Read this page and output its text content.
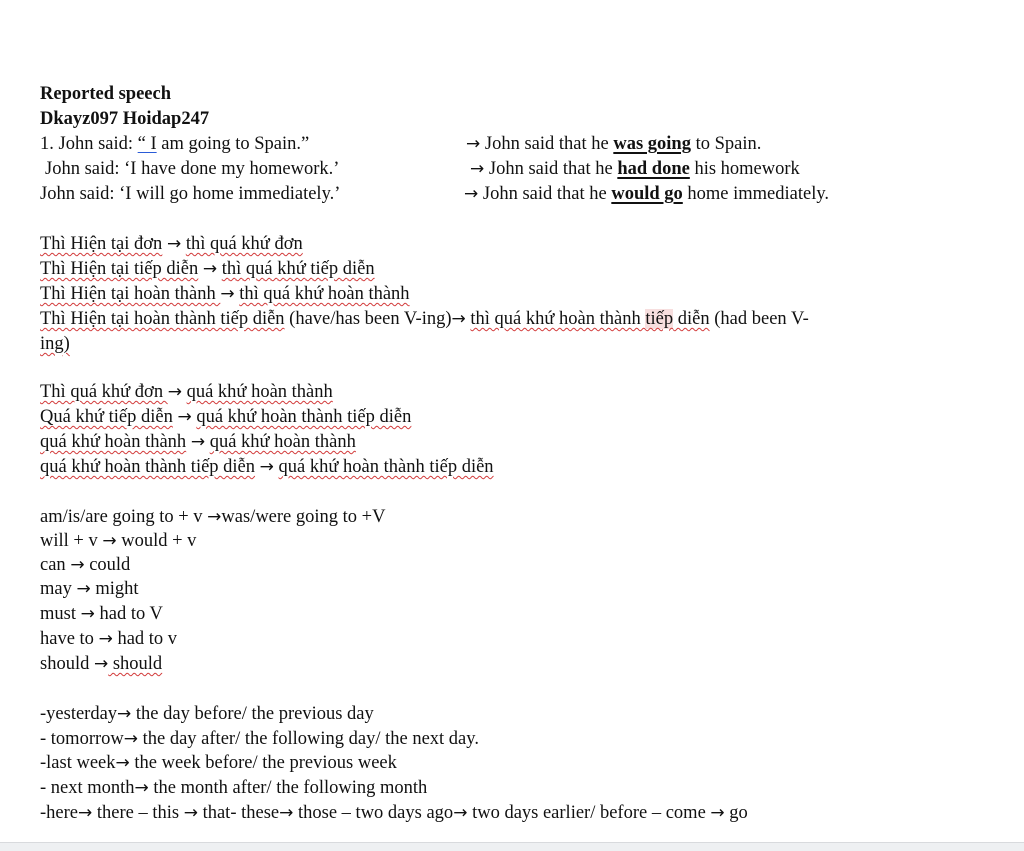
Reported speech
Dkayz097 Hoidap247
1. John said: “ I am going to Spain.”	→ John said that he was going to Spain.
John said: ‘I have done my homework.’	→ John said that he had done his homework
John said: ‘I will go home immediately.’	→ John said that he would go home immediately.
Thì Hiện tại đơn → thì quá khứ đơn
Thì Hiện tại tiếp diễn → thì quá khứ tiếp diễn
Thì Hiện tại hoàn thành → thì quá khứ hoàn thành
Thì Hiện tại hoàn thành tiếp diễn (have/has been V-ing)→ thì quá khứ hoàn thành tiếp diễn (had been V-
ing)
Thì quá khứ đơn → quá khứ hoàn thành
Quá khứ tiếp diễn → quá khứ hoàn thành tiếp diễn
quá khứ hoàn thành → quá khứ hoàn thành
quá khứ hoàn thành tiếp diễn → quá khứ hoàn thành tiếp diễn
am/is/are going to + v →was/were going to +V
will + v → would + v
can → could
may → might
must → had to V
have to → had to v
should → should
-yesterday→ the day before/ the previous day
- tomorrow→ the day after/ the following day/ the next day.
-last week→ the week before/ the previous week
- next month→ the month after/ the following month
-here→ there – this → that- these→ those – two days ago→ two days earlier/ before – come → go
